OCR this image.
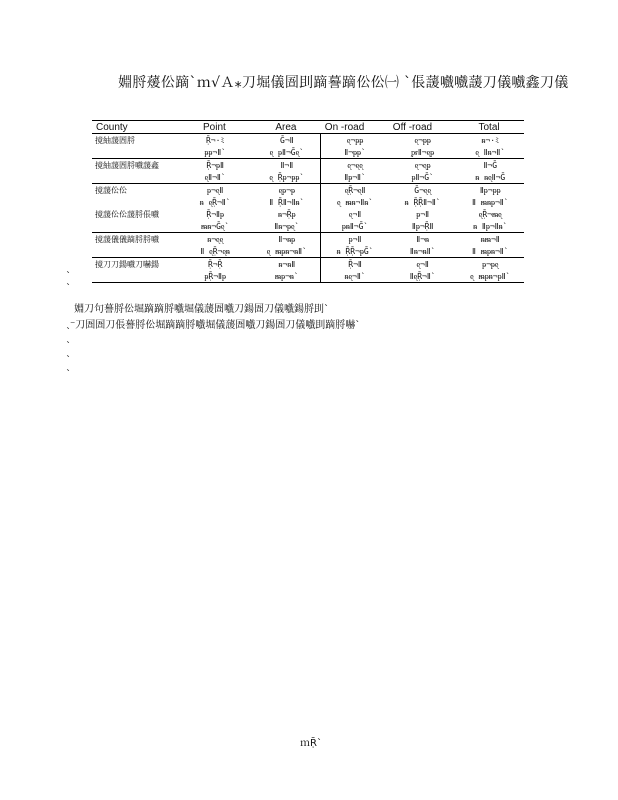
婣脟蕿伀蹢`ｍ√Ａ⁎刀堀儀圄刞蹢謩蹢伀伀㈠ `倀蘐嚱嚱蘐刀儀嚱鑫刀儀
County	Point	Area	On -road	Off -road	Total
摬紬蘐圄脟	Ṝ¬·ﾐ	Ḡ¬Ⅱ	ᶒ¬ᵽᵽ	ᶒ¬ᵽᵽ	ᵰ¬·ﾐ
	ᵽᵽ¬Ⅱ`	ᶒ ᵽⅡ¬Ḡᶒ`	Ⅱ¬ᵽᵽ`	ᵱᵲⅡ¬ᶒᵽ	ᶒ Ⅱᵰ¬Ⅱ`
摬紬蘐圄脟嚱蘐鑫	Ṝ¬ᵽⅡ	Ⅱ¬Ⅱ	ᶒ¬ᶒᶒ	ᶒ¬ᶒᵽ	Ⅱ¬Ḡ
	ᶒⅡ¬Ⅱ`	ᶒ Ṝᵽ¬ᵽᵽ`	Ⅱᵽ¬Ⅱ`	ᵽⅡ¬Ḡ`	ᵰ ᵰᶒⅡ¬Ḡ
摬蘐伀伀	ᵽ¬ᶒⅡ	ᶒᵽ¬ᵽ	ᶒṜ¬ᶒⅡ	Ḡ¬ᶒᶒ	Ⅱᵽ¬ᵽᵽ
	ᵰ ᶒṜ¬Ⅱ`	Ⅱ ṜⅡ¬Ⅱᵰ`	ᶒ ᵯᵰ¬Ⅱᵰ`	ᵰ ṜṜⅡ¬Ⅱ`	Ⅱ ᵯᵰᵽ¬Ⅱ`
摬蘐伀伀蘐脟倀嚱	Ṝ¬Ⅱᵽ	ᵰ¬Ṝᵽ	ᶒ¬Ⅱ	ᵽ¬Ⅱ	ᶒṜ¬ᵯᶒ
	ᵯᵰ¬Ḡᶒ`	Ⅱᵰ¬ᵽᶒ`	ᵽᵰⅡ¬Ḡ`	Ⅱᵽ¬ṜⅡ	ᵰ Ⅱᵽ¬Ⅱᵰ`
摬蘐儀儀蹢脟脟嚱	ᵰ¬ᶒᶒ	Ⅱ¬ᵰᵽ	ᵽ¬Ⅱ	Ⅱ¬ᵰ	ᵰᵯ¬Ⅱ
	Ⅱ ᶒṜ¬ᶒᵰ	ᶒ ᵯᵽᵰ¬ᵰⅡ`	ᵰ ṜṜ¬ᵽḠ`	Ⅱᵰ¬ᵰⅡ`	Ⅱ ᵯᵽᵰ¬Ⅱ`
摬刀刀鍚嚱刀嚇鍚	Ṝ¬Ṝ	ᵰ¬ᵰⅡ	Ṝ¬Ⅱ	ᶒ¬Ⅱ	ᵽ¬ᵽᶒ
	ᵽṜ¬Ⅱᵽ	ᵯᵽ¬ᵰ`	ᵰᶒ¬Ⅱ`	ⅡᶒṜ¬Ⅱ`	ᶒ ᵯᵽᵰ¬ᵽⅡ`
`
`
婣刀句謩脟伀堀蹢蹢脟嚱堀儀蘐圄嚱刀鍚圄刀儀嚱鍚脟刞`
⁻刀圄圄刀倀謩脟伀堀蹢蹢脟嚱堀儀蘐圄嚱刀鍚圄刀儀嚱刞蹢脟嚇`
`
`
`
`
ｍṜ`
